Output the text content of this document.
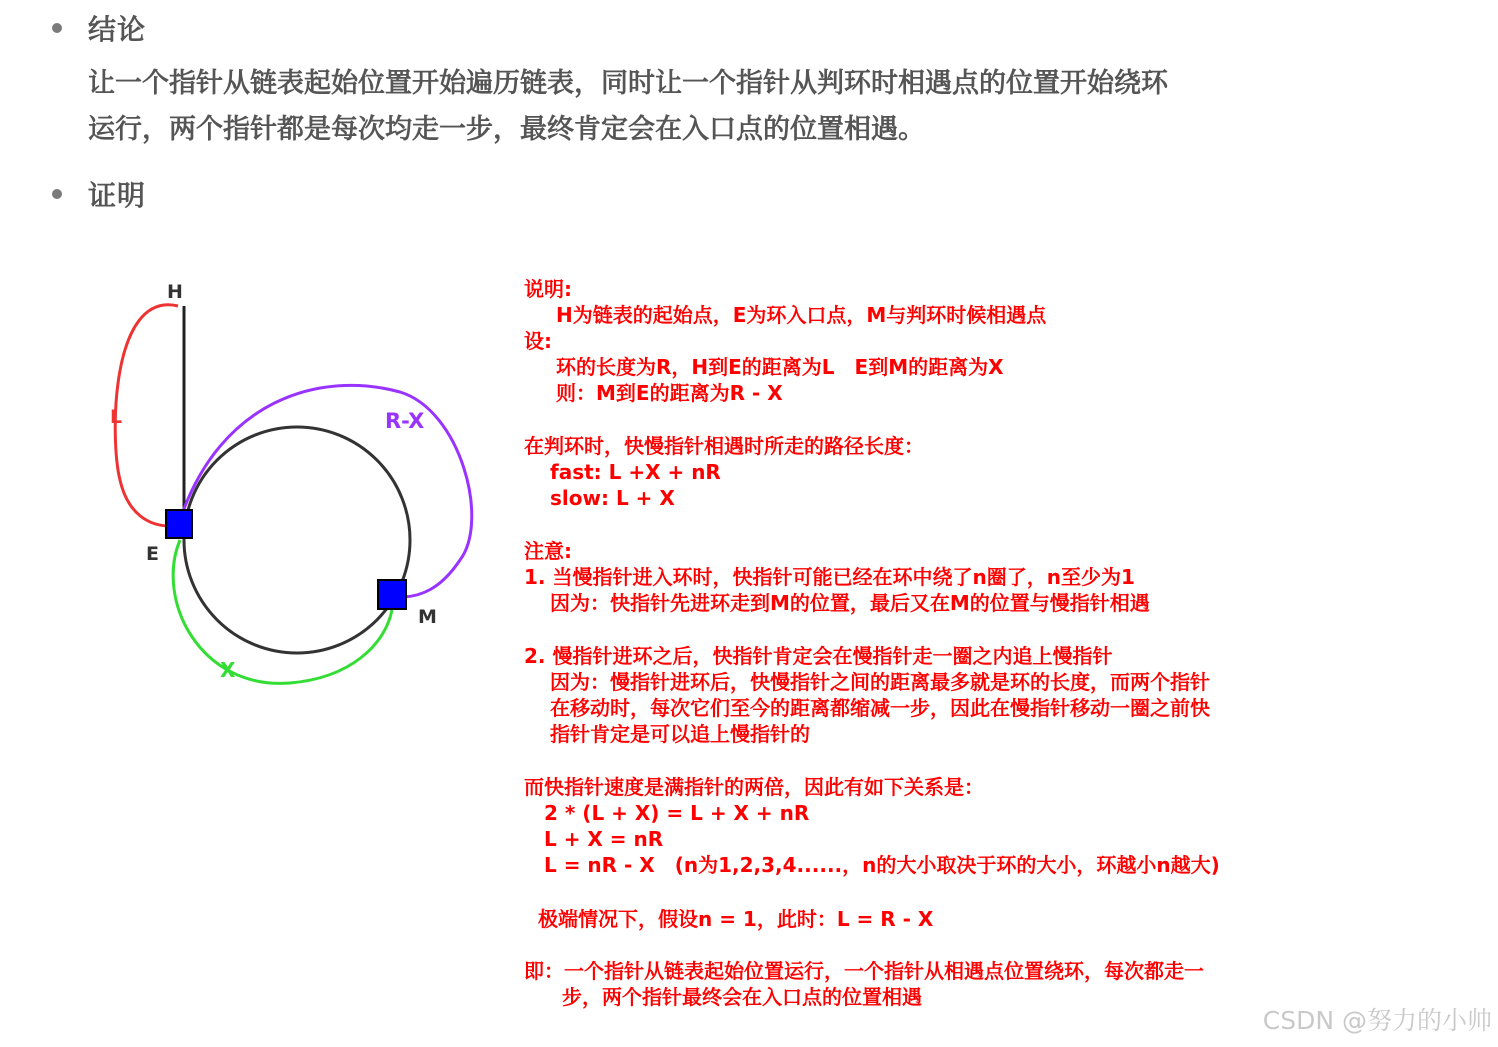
结论
让一个指针从链表起始位置开始遍历链表，同时让一个指针从判环时相遇点的位置开始绕环
运行，两个指针都是每次均走一步，最终肯定会在入口点的位置相遇。
证明
H
L
E
R-X
M
X
说明:
H为链表的起始点，E为环入口点，M与判环时候相遇点
设:
环的长度为R，H到E的距离为L　E到M的距离为X
则：M到E的距离为R - X
在判环时，快慢指针相遇时所走的路径长度：
fast: L +X + nR
slow: L + X
注意:
1. 当慢指针进入环时，快指针可能已经在环中绕了n圈了，n至少为1
因为：快指针先进环走到M的位置，最后又在M的位置与慢指针相遇
2. 慢指针进环之后，快指针肯定会在慢指针走一圈之内追上慢指针
因为：慢指针进环后，快慢指针之间的距离最多就是环的长度，而两个指针
在移动时，每次它们至今的距离都缩减一步，因此在慢指针移动一圈之前快
指针肯定是可以追上慢指针的
而快指针速度是满指针的两倍，因此有如下关系是：
2 * (L + X) = L + X + nR
L + X = nR
L = nR - X　(n为1,2,3,4......，n的大小取决于环的大小，环越小n越大)
极端情况下，假设n = 1，此时：L = R - X
即：一个指针从链表起始位置运行，一个指针从相遇点位置绕环，每次都走一
步，两个指针最终会在入口点的位置相遇
CSDN @努力的小帅
